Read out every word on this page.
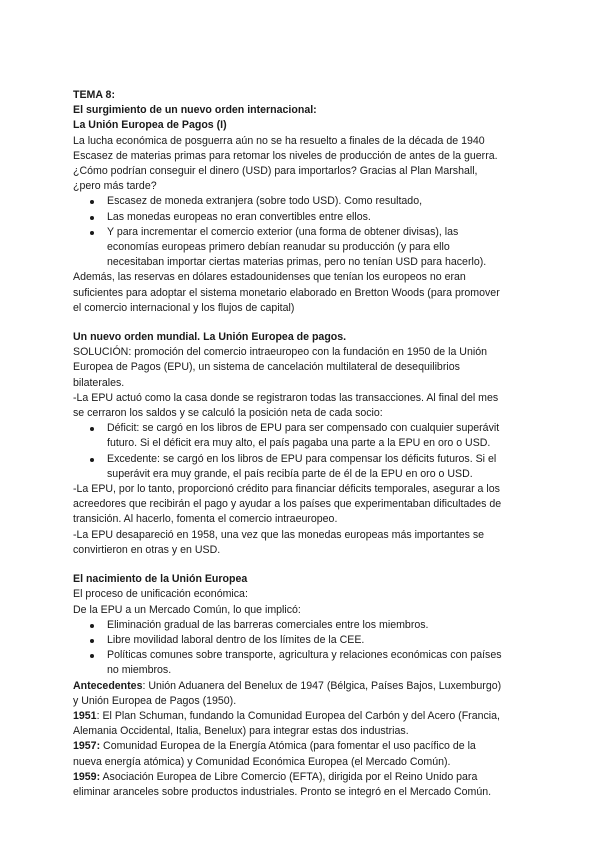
TEMA 8:
El surgimiento de un nuevo orden internacional:
La Unión Europea de Pagos (I)
La lucha económica de posguerra aún no se ha resuelto a finales de la década de 1940
Escasez de materias primas para retomar los niveles de producción de antes de la guerra.
¿Cómo podrían conseguir el dinero (USD) para importarlos? Gracias al Plan Marshall,
¿pero más tarde?
Escasez de moneda extranjera (sobre todo USD). Como resultado,
Las monedas europeas no eran convertibles entre ellos.
Y para incrementar el comercio exterior (una forma de obtener divisas), las
economías europeas primero debían reanudar su producción (y para ello
necesitaban importar ciertas materias primas, pero no tenían USD para hacerlo).
Además, las reservas en dólares estadounidenses que tenían los europeos no eran
suficientes para adoptar el sistema monetario elaborado en Bretton Woods (para promover
el comercio internacional y los flujos de capital)
Un nuevo orden mundial. La Unión Europea de pagos.
SOLUCIÓN: promoción del comercio intraeuropeo con la fundación en 1950 de la Unión
Europea de Pagos (EPU), un sistema de cancelación multilateral de desequilibrios
bilaterales.
-La EPU actuó como la casa donde se registraron todas las transacciones. Al final del mes
se cerraron los saldos y se calculó la posición neta de cada socio:
Déficit: se cargó en los libros de EPU para ser compensado con cualquier superávit
futuro. Si el déficit era muy alto, el país pagaba una parte a la EPU en oro o USD.
Excedente: se cargó en los libros de EPU para compensar los déficits futuros. Si el
superávit era muy grande, el país recibía parte de él de la EPU en oro o USD.
-La EPU, por lo tanto, proporcionó crédito para financiar déficits temporales, asegurar a los
acreedores que recibirán el pago y ayudar a los países que experimentaban dificultades de
transición. Al hacerlo, fomenta el comercio intraeuropeo.
-La EPU desapareció en 1958, una vez que las monedas europeas más importantes se
convirtieron en otras y en USD.
El nacimiento de la Unión Europea
El proceso de unificación económica:
De la EPU a un Mercado Común, lo que implicó:
Eliminación gradual de las barreras comerciales entre los miembros.
Libre movilidad laboral dentro de los límites de la CEE.
Políticas comunes sobre transporte, agricultura y relaciones económicas con países
no miembros.
Antecedentes: Unión Aduanera del Benelux de 1947 (Bélgica, Países Bajos, Luxemburgo)
y Unión Europea de Pagos (1950).
1951: El Plan Schuman, fundando la Comunidad Europea del Carbón y del Acero (Francia,
Alemania Occidental, Italia, Benelux) para integrar estas dos industrias.
1957: Comunidad Europea de la Energía Atómica (para fomentar el uso pacífico de la
nueva energía atómica) y Comunidad Económica Europea (el Mercado Común).
1959: Asociación Europea de Libre Comercio (EFTA), dirigida por el Reino Unido para
eliminar aranceles sobre productos industriales. Pronto se integró en el Mercado Común.
